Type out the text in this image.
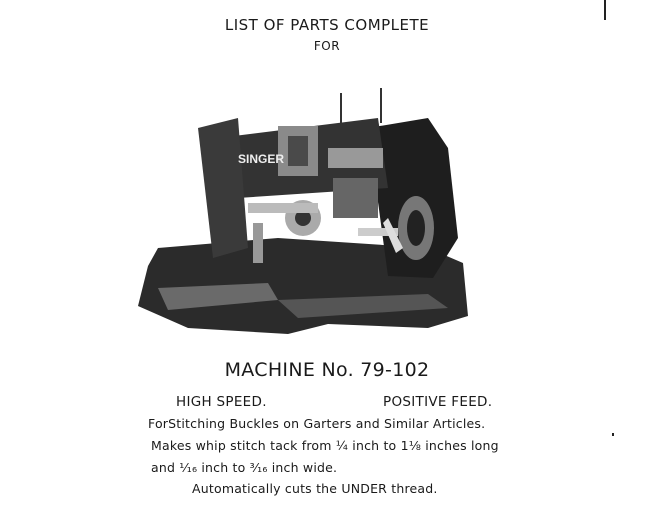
LIST OF PARTS COMPLETE
FOR
SINGER
MACHINE No. 79-102
HIGH SPEED.	POSITIVE FEED.
ForStitching Buckles on Garters and Similar Articles.
Makes whip stitch tack from ¼ inch to 1⅛ inches long
and ¹⁄₁₆ inch to ³⁄₁₆ inch wide.
Automatically cuts the UNDER thread.
